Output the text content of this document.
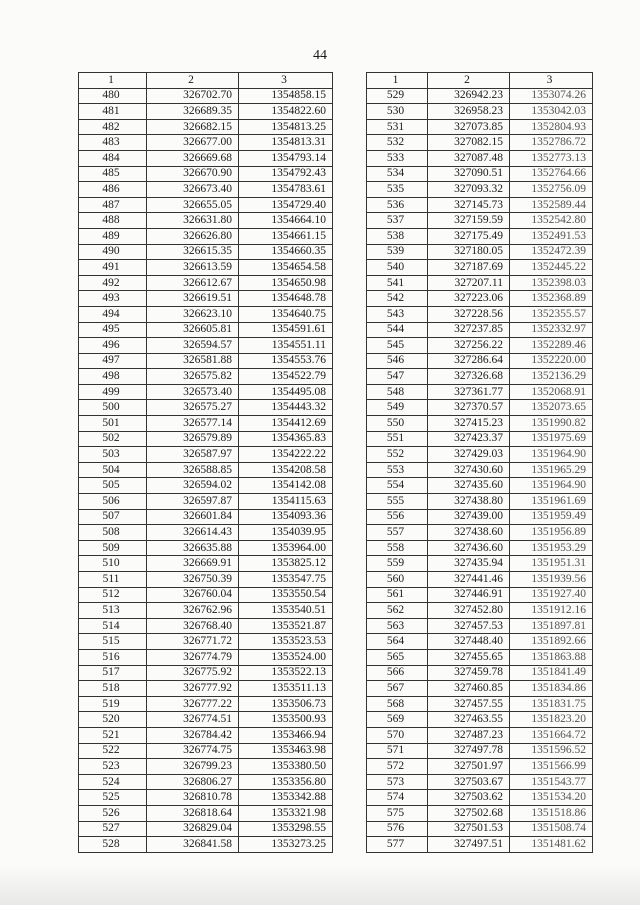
44
1	2	3
480	326702.70	1354858.15
481	326689.35	1354822.60
482	326682.15	1354813.25
483	326677.00	1354813.31
484	326669.68	1354793.14
485	326670.90	1354792.43
486	326673.40	1354783.61
487	326655.05	1354729.40
488	326631.80	1354664.10
489	326626.80	1354661.15
490	326615.35	1354660.35
491	326613.59	1354654.58
492	326612.67	1354650.98
493	326619.51	1354648.78
494	326623.10	1354640.75
495	326605.81	1354591.61
496	326594.57	1354551.11
497	326581.88	1354553.76
498	326575.82	1354522.79
499	326573.40	1354495.08
500	326575.27	1354443.32
501	326577.14	1354412.69
502	326579.89	1354365.83
503	326587.97	1354222.22
504	326588.85	1354208.58
505	326594.02	1354142.08
506	326597.87	1354115.63
507	326601.84	1354093.36
508	326614.43	1354039.95
509	326635.88	1353964.00
510	326669.91	1353825.12
511	326750.39	1353547.75
512	326760.04	1353550.54
513	326762.96	1353540.51
514	326768.40	1353521.87
515	326771.72	1353523.53
516	326774.79	1353524.00
517	326775.92	1353522.13
518	326777.92	1353511.13
519	326777.22	1353506.73
520	326774.51	1353500.93
521	326784.42	1353466.94
522	326774.75	1353463.98
523	326799.23	1353380.50
524	326806.27	1353356.80
525	326810.78	1353342.88
526	326818.64	1353321.98
527	326829.04	1353298.55
528	326841.58	1353273.25
1	2	3
529	326942.23	1353074.26
530	326958.23	1353042.03
531	327073.85	1352804.93
532	327082.15	1352786.72
533	327087.48	1352773.13
534	327090.51	1352764.66
535	327093.32	1352756.09
536	327145.73	1352589.44
537	327159.59	1352542.80
538	327175.49	1352491.53
539	327180.05	1352472.39
540	327187.69	1352445.22
541	327207.11	1352398.03
542	327223.06	1352368.89
543	327228.56	1352355.57
544	327237.85	1352332.97
545	327256.22	1352289.46
546	327286.64	1352220.00
547	327326.68	1352136.29
548	327361.77	1352068.91
549	327370.57	1352073.65
550	327415.23	1351990.82
551	327423.37	1351975.69
552	327429.03	1351964.90
553	327430.60	1351965.29
554	327435.60	1351964.90
555	327438.80	1351961.69
556	327439.00	1351959.49
557	327438.60	1351956.89
558	327436.60	1351953.29
559	327435.94	1351951.31
560	327441.46	1351939.56
561	327446.91	1351927.40
562	327452.80	1351912.16
563	327457.53	1351897.81
564	327448.40	1351892.66
565	327455.65	1351863.88
566	327459.78	1351841.49
567	327460.85	1351834.86
568	327457.55	1351831.75
569	327463.55	1351823.20
570	327487.23	1351664.72
571	327497.78	1351596.52
572	327501.97	1351566.99
573	327503.67	1351543.77
574	327503.62	1351534.20
575	327502.68	1351518.86
576	327501.53	1351508.74
577	327497.51	1351481.62
